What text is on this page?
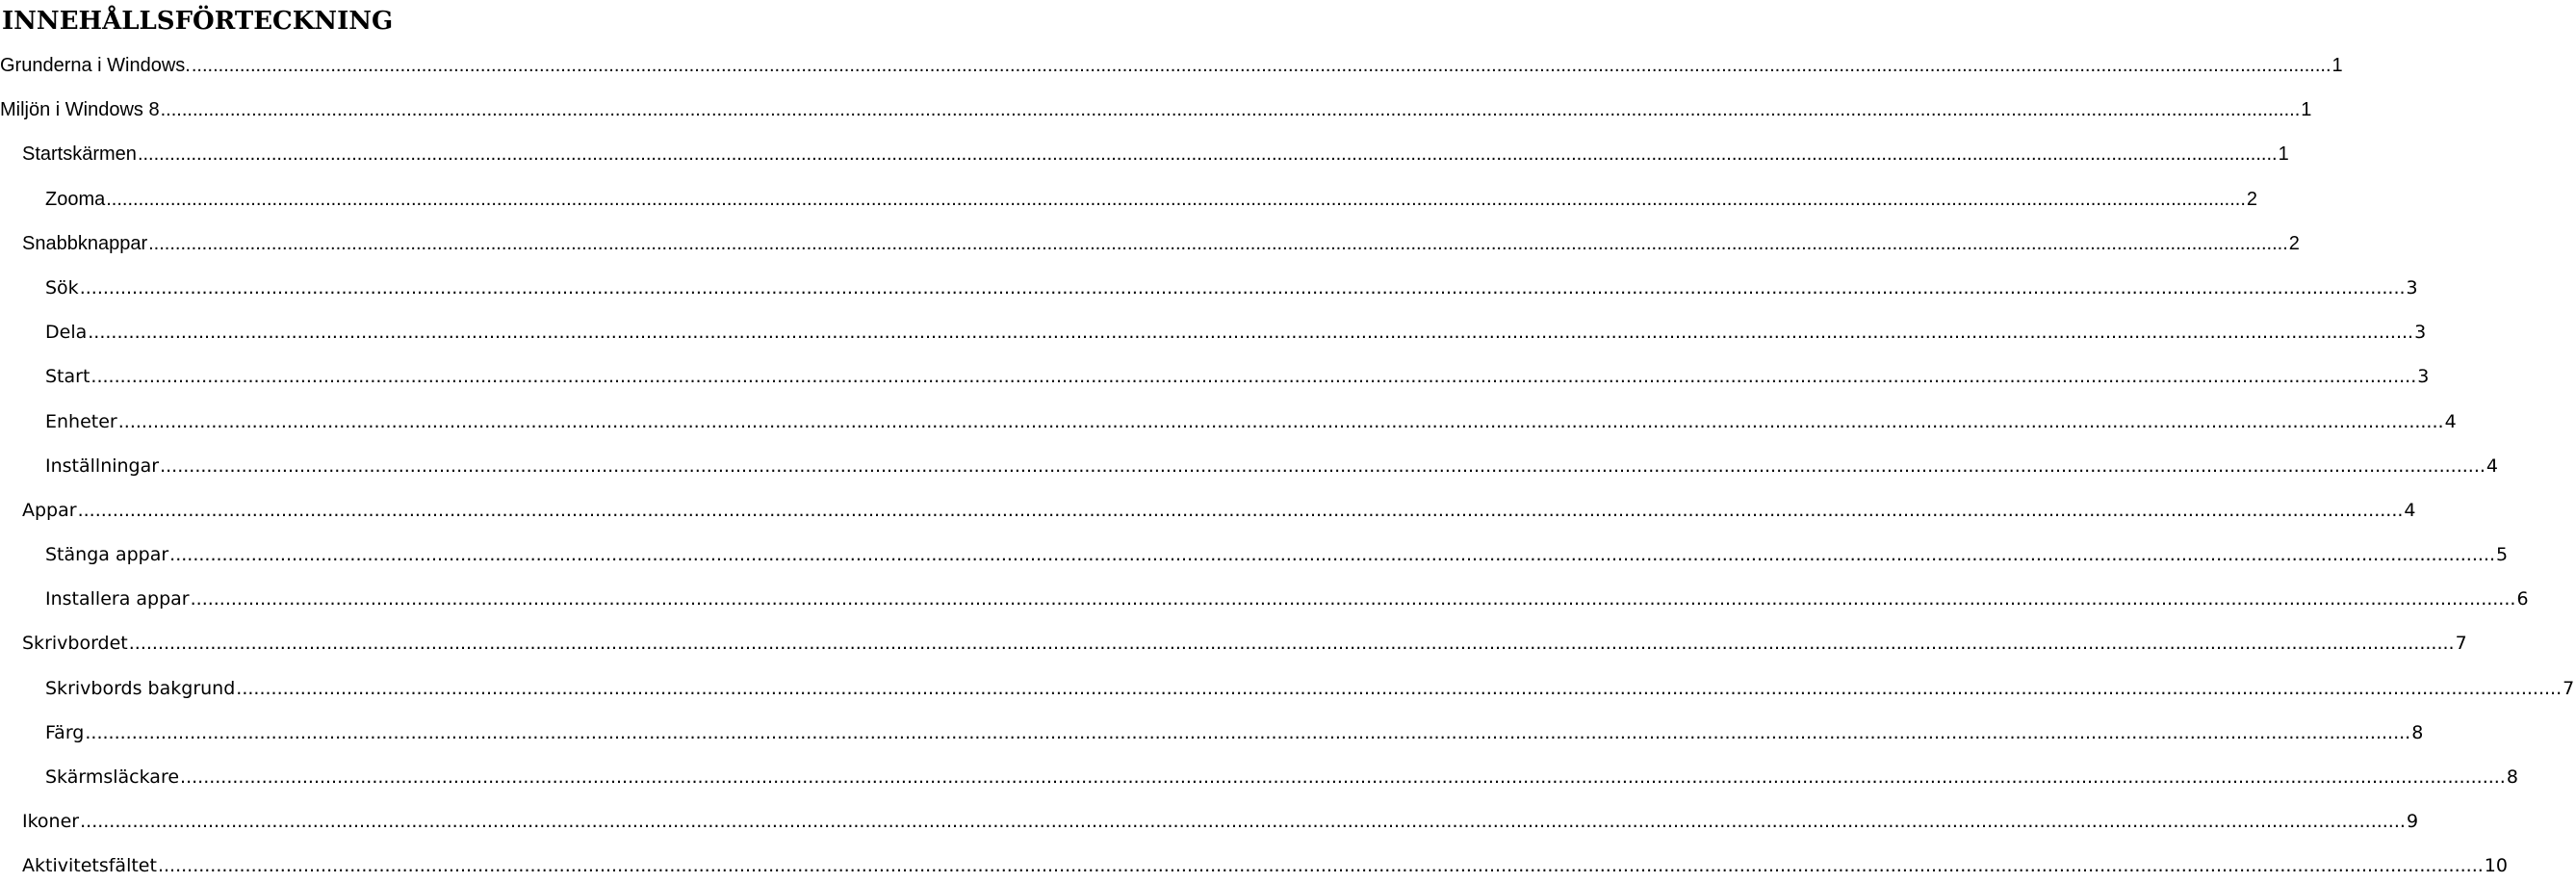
INNEHÅLLSFÖRTECKNING
Grunderna i Windows. ................................................................................................................................................................................................................................................................................................................................................................................................................ 1
Miljön i Windows 8 ................................................................................................................................................................................................................................................................................................................................................................................................................ 1
Startskärmen ................................................................................................................................................................................................................................................................................................................................................................................................................ 1
Zooma ................................................................................................................................................................................................................................................................................................................................................................................................................ 2
Snabbknappar ................................................................................................................................................................................................................................................................................................................................................................................................................ 2
Sök ................................................................................................................................................................................................................................................................................................................................................................................................................ 3
Dela ................................................................................................................................................................................................................................................................................................................................................................................................................ 3
Start ................................................................................................................................................................................................................................................................................................................................................................................................................ 3
Enheter ................................................................................................................................................................................................................................................................................................................................................................................................................ 4
Inställningar ................................................................................................................................................................................................................................................................................................................................................................................................................ 4
Appar ................................................................................................................................................................................................................................................................................................................................................................................................................ 4
Stänga appar ................................................................................................................................................................................................................................................................................................................................................................................................................ 5
Installera appar ................................................................................................................................................................................................................................................................................................................................................................................................................ 6
Skrivbordet ................................................................................................................................................................................................................................................................................................................................................................................................................ 7
Skrivbords bakgrund ................................................................................................................................................................................................................................................................................................................................................................................................................ 7
Färg ................................................................................................................................................................................................................................................................................................................................................................................................................ 8
Skärmsläckare ................................................................................................................................................................................................................................................................................................................................................................................................................ 8
Ikoner ................................................................................................................................................................................................................................................................................................................................................................................................................ 9
Aktivitetsfältet ................................................................................................................................................................................................................................................................................................................................................................................................................ 10
